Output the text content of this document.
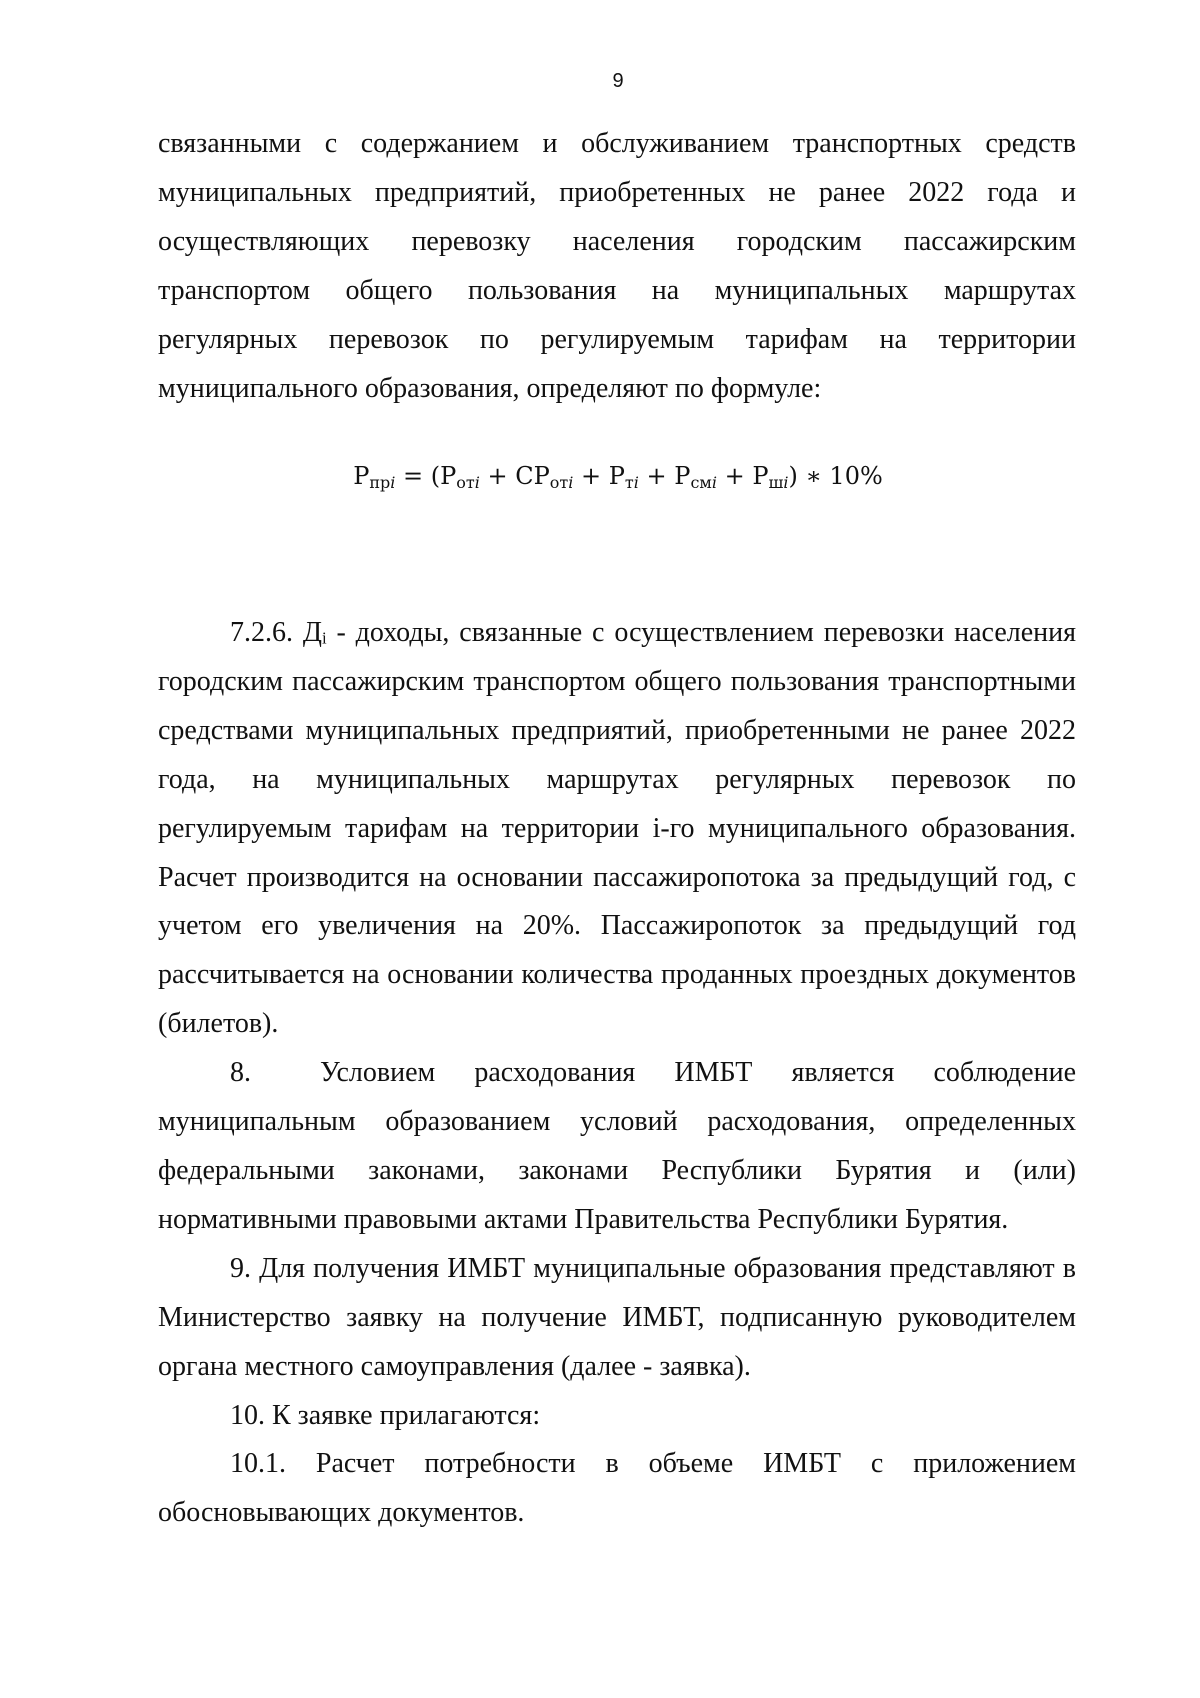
9

связанными с содержанием и обслуживанием транспортных средств муниципальных предприятий, приобретенных не ранее 2022 года и осуществляющих перевозку населения городским пассажирским транспортом общего пользования на муниципальных маршрутах регулярных перевозок по регулируемым тарифам на территории муниципального образования, определяют по формуле:

$Р_{прi} = (Р_{отi} + СР_{отi} + Р_{тi} + Р_{смi} + Р_{шi})$ ∗ 10%

7.2.6. Дᵢ - доходы, связанные с осуществлением перевозки населения городским пассажирским транспортом общего пользования транспортными средствами муниципальных предприятий, приобретенными не ранее 2022 года, на муниципальных маршрутах регулярных перевозок по регулируемым тарифам на территории i-го муниципального образования. Расчет производится на основании пассажиропотока за предыдущий год, с учетом его увеличения на 20%. Пассажиропоток за предыдущий год рассчитывается на основании количества проданных проездных документов (билетов).

8. Условием расходования ИМБТ является соблюдение муниципальным образованием условий расходования, определенных федеральными законами, законами Республики Бурятия и (или) нормативными правовыми актами Правительства Республики Бурятия.

9. Для получения ИМБТ муниципальные образования представляют в Министерство заявку на получение ИМБТ, подписанную руководителем органа местного самоуправления (далее - заявка).

10. К заявке прилагаются:

10.1. Расчет потребности в объеме ИМБТ с приложением обосновывающих документов.
